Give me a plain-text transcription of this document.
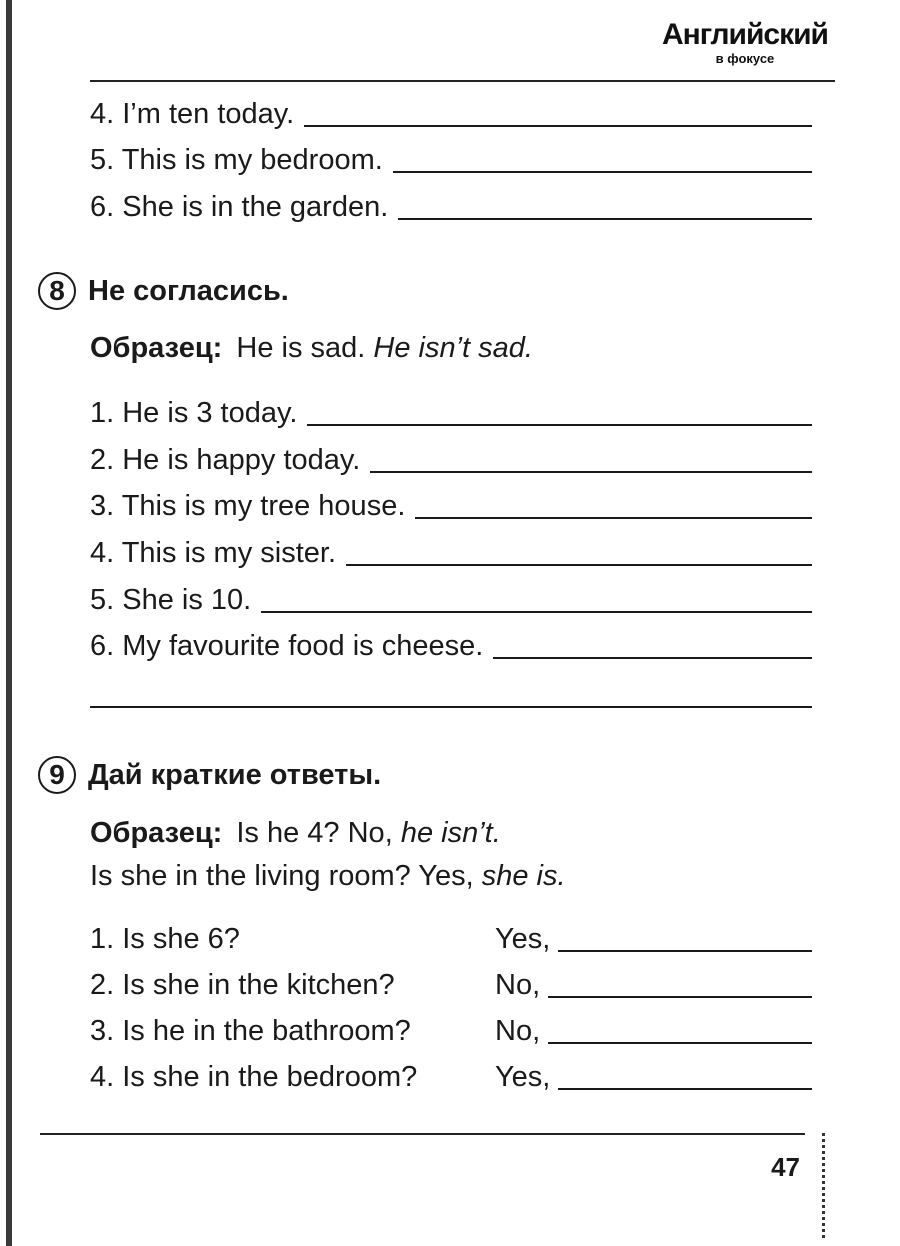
Английский
в фокусе
4. I’m ten today.
5. This is my bedroom.
6. She is in the garden.
8 Не согласись.
Образец: He is sad. He isn’t sad.
1. He is 3 today.
2. He is happy today.
3. This is my tree house.
4. This is my sister.
5. She is 10.
6. My favourite food is cheese.
9 Дай краткие ответы.
Образец: Is he 4? No, he isn’t.
Is she in the living room? Yes, she is.
1. Is she 6?	Yes,
2. Is she in the kitchen?	No,
3. Is he in the bathroom?	No,
4. Is she in the bedroom?	Yes,
47
